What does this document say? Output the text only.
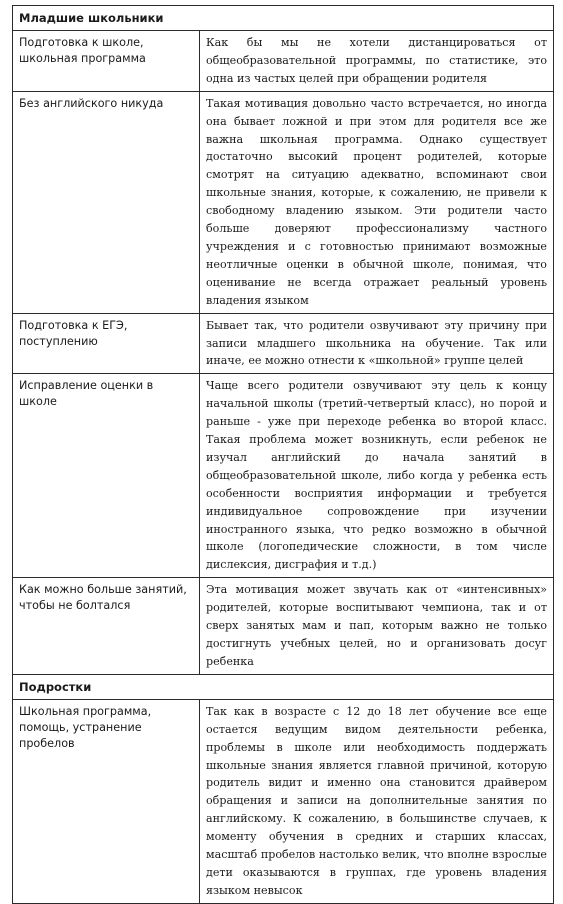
Младшие школьники	
Подготовка к школе, школьная программа	Как бы мы не хотели дистанцироваться от общеобразовательной программы, по статистике, это одна из частых целей при обращении родителя
Без английского никуда	Такая мотивация довольно часто встречается, но иногда она бывает ложной и при этом для родителя все же важна школьная программа. Однако существует достаточно высокий процент родителей, которые смотрят на ситуацию адекватно, вспоминают свои школьные знания, которые, к сожалению, не привели к свободному владению языком. Эти родители часто больше доверяют профессионализму частного учреждения и с готовностью принимают возможные неотличные оценки в обычной школе, понимая, что оценивание не всегда отражает реальный уровень владения языком
Подготовка к ЕГЭ, поступлению	Бывает так, что родители озвучивают эту причину при записи младшего школьника на обучение. Так или иначе, ее можно отнести к «школьной» группе целей
Исправление оценки в школе	Чаще всего родители озвучивают эту цель к концу начальной школы (третий-четвертый класс), но порой и раньше - уже при переходе ребенка во второй класс. Такая проблема может возникнуть, если ребенок не изучал английский до начала занятий в общеобразовательной школе, либо когда у ребенка есть особенности восприятия информации и требуется индивидуальное сопровождение при изучении иностранного языка, что редко возможно в обычной школе (логопедические сложности, в том числе дислексия, дисграфия и т.д.)
Как можно больше занятий, чтобы не болтался	Эта мотивация может звучать как от «интенсивных» родителей, которые воспитывают чемпиона, так и от сверх занятых мам и пап, которым важно не только достигнуть учебных целей, но и организовать досуг ребенка
Подростки	
Школьная программа, помощь, устранение пробелов	Так как в возрасте с 12 до 18 лет обучение все еще остается ведущим видом деятельности ребенка, проблемы в школе или необходимость поддержать школьные знания является главной причиной, которую родитель видит и именно она становится драйвером обращения и записи на дополнительные занятия по английскому. К сожалению, в большинстве случаев, к моменту обучения в средних и старших классах, масштаб пробелов настолько велик, что вполне взрослые дети оказываются в группах, где уровень владения языком невысок
